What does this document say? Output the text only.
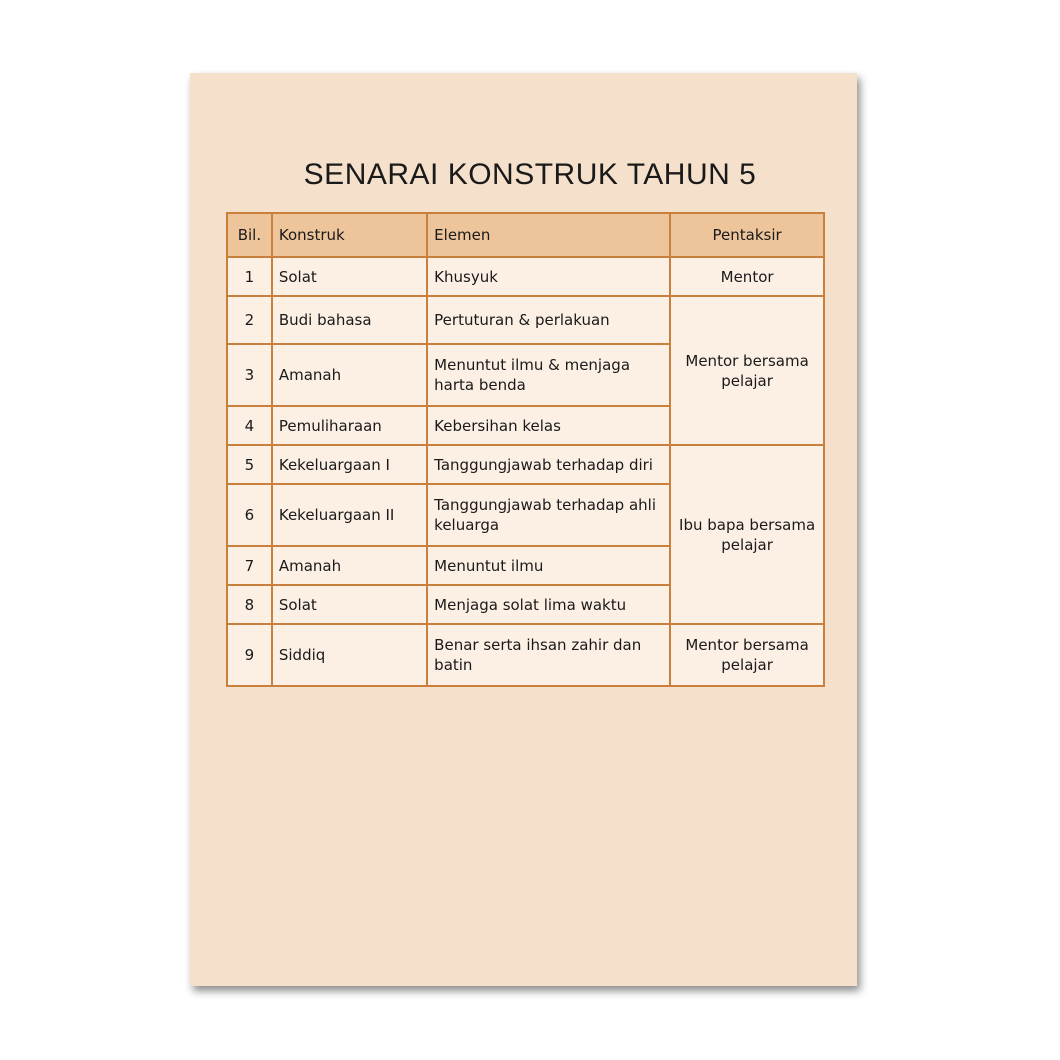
SENARAI KONSTRUK TAHUN 5
Bil.	Konstruk	Elemen	Pentaksir
1	Solat	Khusyuk	Mentor
2	Budi bahasa	Pertuturan & perlakuan	Mentor bersama pelajar
3	Amanah	Menuntut ilmu & menjaga harta benda	
4	Pemuliharaan	Kebersihan kelas	
5	Kekeluargaan I	Tanggungjawab terhadap diri	Ibu bapa bersama pelajar
6	Kekeluargaan II	Tanggungjawab terhadap ahli keluarga	
7	Amanah	Menuntut ilmu	
8	Solat	Menjaga solat lima waktu	
9	Siddiq	Benar serta ihsan zahir dan batin	Mentor bersama pelajar
